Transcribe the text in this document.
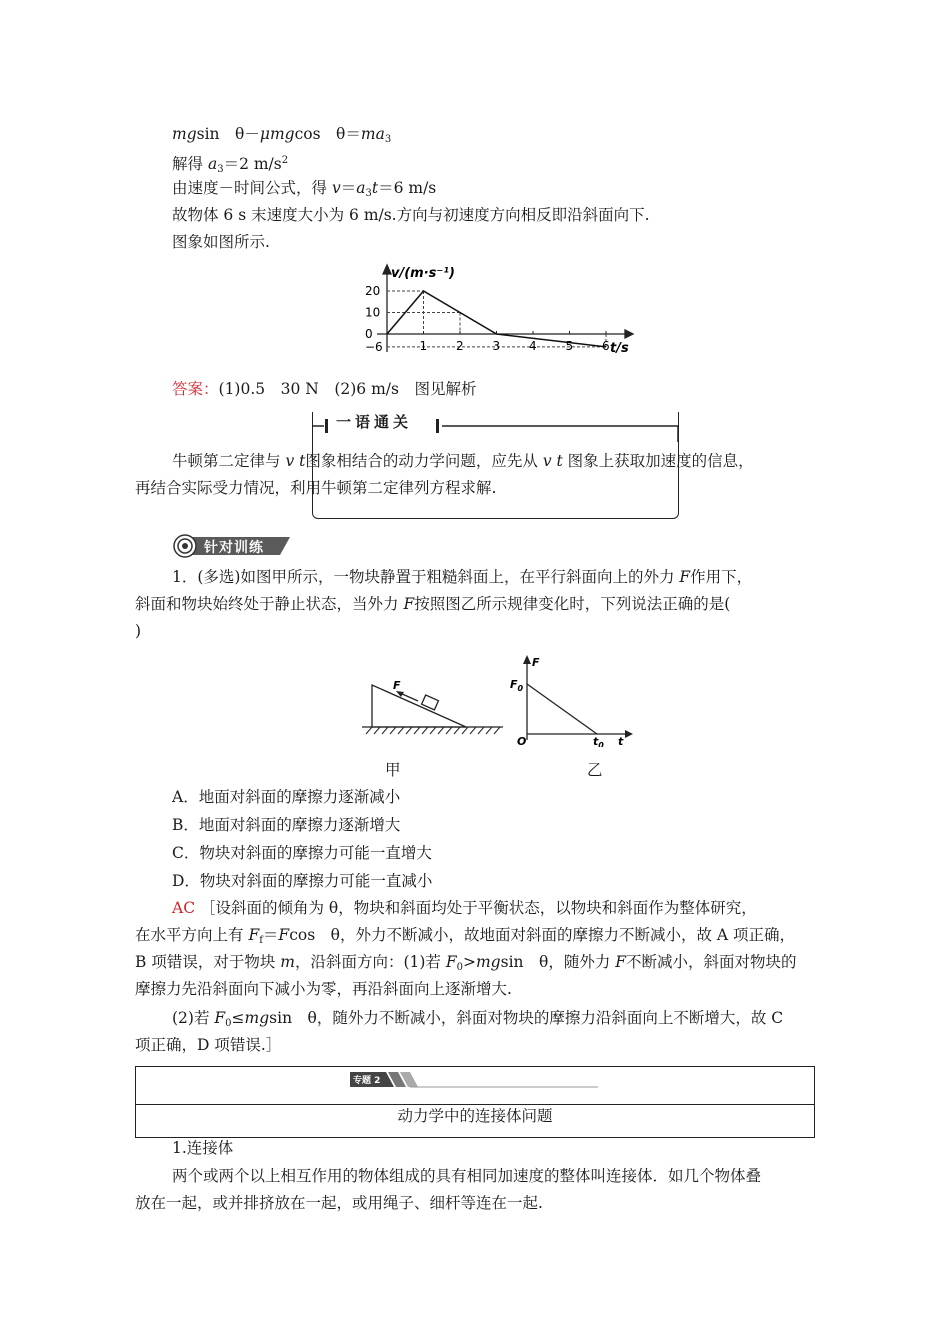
mgsin　θ－μmgcos　$\theta=ma_3$
解得 $a_3=2$ $m/s^2$
由速度－时间公式，得 $v=a_3t=6$ m/s
故物体 6 s 末速度大小为 6 m/s.方向与初速度方向相反即沿斜面向下.
图象如图所示.
v/(m·s⁻¹)
t/s
1 2 3 4 5 6
20
10
0
−6
答案：(1)0.5　30 N　(2)6 m/s　图见解析
一语通关
牛顿第二定律与 v t图象相结合的动力学问题，应先从 v t 图象上获取加速度的信息，
再结合实际受力情况，利用牛顿第二定律列方程求解.
针对训练
1．(多选)如图甲所示，一物块静置于粗糙斜面上，在平行斜面向上的外力 F作用下，
斜面和物块始终处于静止状态，当外力 F按照图乙所示规律变化时，下列说法正确的是(
)
F
甲
F
$F_0$
O	$t_0$ t
乙
A．地面对斜面的摩擦力逐渐减小
B．地面对斜面的摩擦力逐渐增大
C．物块对斜面的摩擦力可能一直增大
D．物块对斜面的摩擦力可能一直减小
AC ［设斜面的倾角为 θ，物块和斜面均处于平衡状态，以物块和斜面作为整体研究，
在水平方向上有 $F_f=Fcos$　θ，外力不断减小，故地面对斜面的摩擦力不断减小，故 A 项正确，
B 项错误，对于物块 m，沿斜面方向：(1)若 $F_0>mgsin$　θ，随外力 F不断减小，斜面对物块的
摩擦力先沿斜面向下减小为零，再沿斜面向上逐渐增大.
(2)若 $F_0\le mgsin$　θ，随外力不断减小，斜面对物块的摩擦力沿斜面向上不断增大，故 C
项正确，D 项错误.］
专题 2
动力学中的连接体问题
1.连接体
两个或两个以上相互作用的物体组成的具有相同加速度的整体叫连接体．如几个物体叠
放在一起，或并排挤放在一起，或用绳子、细杆等连在一起.
